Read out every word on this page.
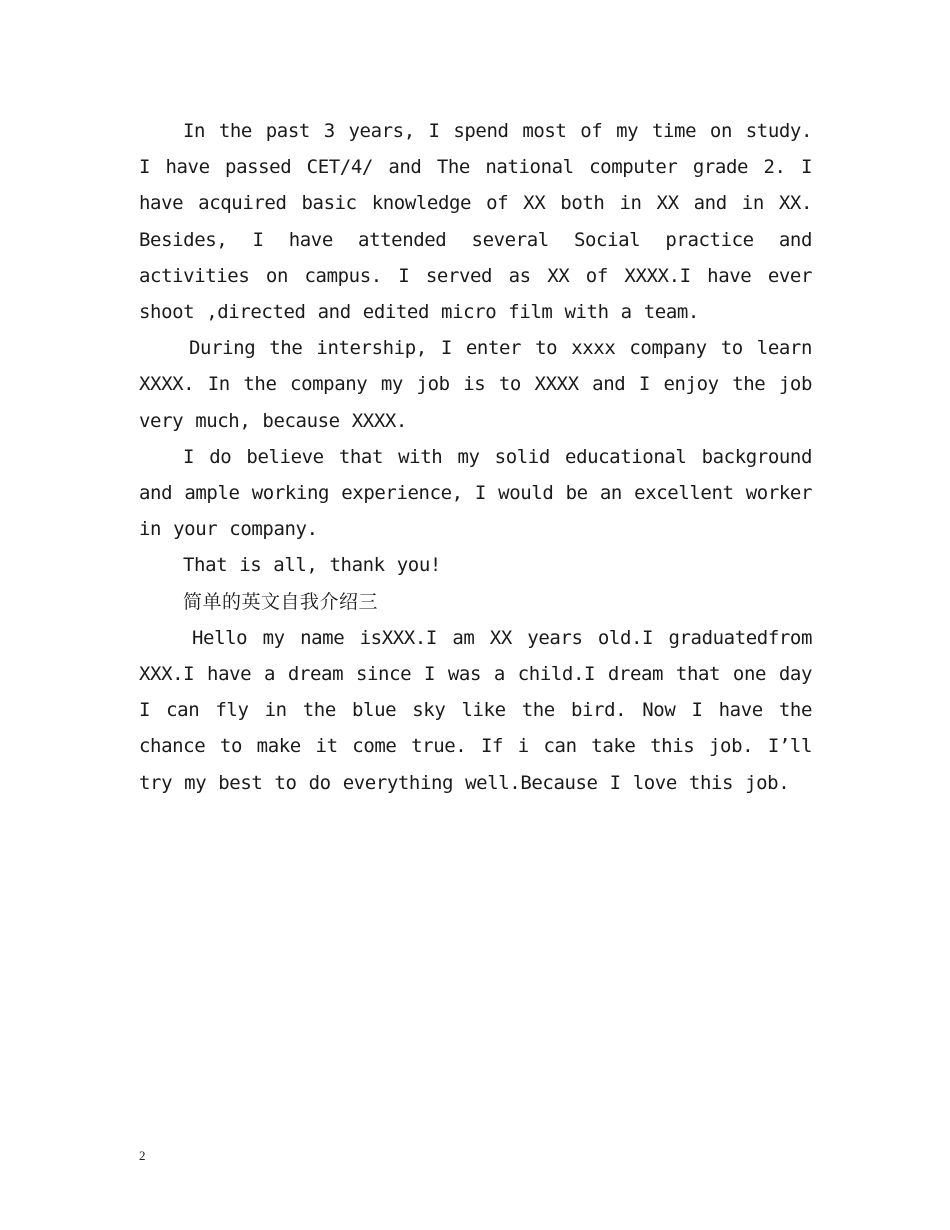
In the past 3 years, I spend most of my time on study. I have passed CET/4/ and The national computer grade 2. I have acquired basic knowledge of XX both in XX and in XX. Besides, I have attended several Social practice and activities on campus. I served as XX of XXXX.I have ever shoot ,directed and edited micro film with a team.

During the intership, I enter to xxxx company to learn XXXX. In the company my job is to XXXX and I enjoy the job very much, because XXXX.

I do believe that with my solid educational background and ample working experience, I would be an excellent worker in your company.

That is all, thank you!

简单的英文自我介绍三

Hello my name isXXX.I am XX years old.I graduatedfrom XXX.I have a dream since I was a child.I dream that one day I can fly in the blue sky like the bird. Now I have the chance to make it come true. If i can take this job. I’ll try my best to do everything well.Because I love this job.

2
